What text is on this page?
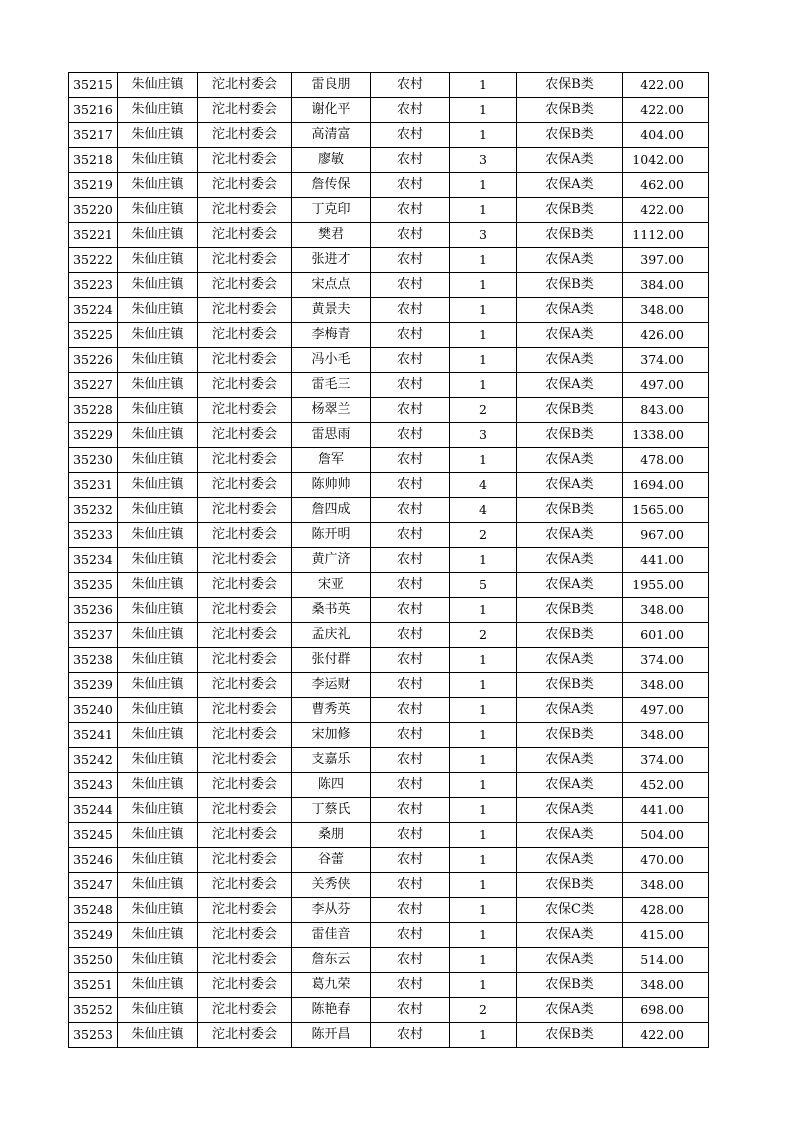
35215	朱仙庄镇	沱北村委会	雷良朋	农村	1	农保B类	422.00
35216	朱仙庄镇	沱北村委会	谢化平	农村	1	农保B类	422.00
35217	朱仙庄镇	沱北村委会	高清富	农村	1	农保B类	404.00
35218	朱仙庄镇	沱北村委会	廖敏	农村	3	农保A类	1042.00
35219	朱仙庄镇	沱北村委会	詹传保	农村	1	农保A类	462.00
35220	朱仙庄镇	沱北村委会	丁克印	农村	1	农保B类	422.00
35221	朱仙庄镇	沱北村委会	樊君	农村	3	农保B类	1112.00
35222	朱仙庄镇	沱北村委会	张进才	农村	1	农保A类	397.00
35223	朱仙庄镇	沱北村委会	宋点点	农村	1	农保B类	384.00
35224	朱仙庄镇	沱北村委会	黄景夫	农村	1	农保A类	348.00
35225	朱仙庄镇	沱北村委会	李梅青	农村	1	农保A类	426.00
35226	朱仙庄镇	沱北村委会	冯小毛	农村	1	农保A类	374.00
35227	朱仙庄镇	沱北村委会	雷毛三	农村	1	农保A类	497.00
35228	朱仙庄镇	沱北村委会	杨翠兰	农村	2	农保B类	843.00
35229	朱仙庄镇	沱北村委会	雷思雨	农村	3	农保B类	1338.00
35230	朱仙庄镇	沱北村委会	詹军	农村	1	农保A类	478.00
35231	朱仙庄镇	沱北村委会	陈帅帅	农村	4	农保A类	1694.00
35232	朱仙庄镇	沱北村委会	詹四成	农村	4	农保B类	1565.00
35233	朱仙庄镇	沱北村委会	陈开明	农村	2	农保A类	967.00
35234	朱仙庄镇	沱北村委会	黄广济	农村	1	农保A类	441.00
35235	朱仙庄镇	沱北村委会	宋亚	农村	5	农保A类	1955.00
35236	朱仙庄镇	沱北村委会	桑书英	农村	1	农保B类	348.00
35237	朱仙庄镇	沱北村委会	孟庆礼	农村	2	农保B类	601.00
35238	朱仙庄镇	沱北村委会	张付群	农村	1	农保A类	374.00
35239	朱仙庄镇	沱北村委会	李运财	农村	1	农保B类	348.00
35240	朱仙庄镇	沱北村委会	曹秀英	农村	1	农保A类	497.00
35241	朱仙庄镇	沱北村委会	宋加修	农村	1	农保B类	348.00
35242	朱仙庄镇	沱北村委会	支嘉乐	农村	1	农保A类	374.00
35243	朱仙庄镇	沱北村委会	陈四	农村	1	农保A类	452.00
35244	朱仙庄镇	沱北村委会	丁蔡氏	农村	1	农保A类	441.00
35245	朱仙庄镇	沱北村委会	桑朋	农村	1	农保A类	504.00
35246	朱仙庄镇	沱北村委会	谷蕾	农村	1	农保A类	470.00
35247	朱仙庄镇	沱北村委会	关秀侠	农村	1	农保B类	348.00
35248	朱仙庄镇	沱北村委会	李从芬	农村	1	农保C类	428.00
35249	朱仙庄镇	沱北村委会	雷佳音	农村	1	农保A类	415.00
35250	朱仙庄镇	沱北村委会	詹东云	农村	1	农保A类	514.00
35251	朱仙庄镇	沱北村委会	葛九荣	农村	1	农保B类	348.00
35252	朱仙庄镇	沱北村委会	陈艳春	农村	2	农保A类	698.00
35253	朱仙庄镇	沱北村委会	陈开昌	农村	1	农保B类	422.00
